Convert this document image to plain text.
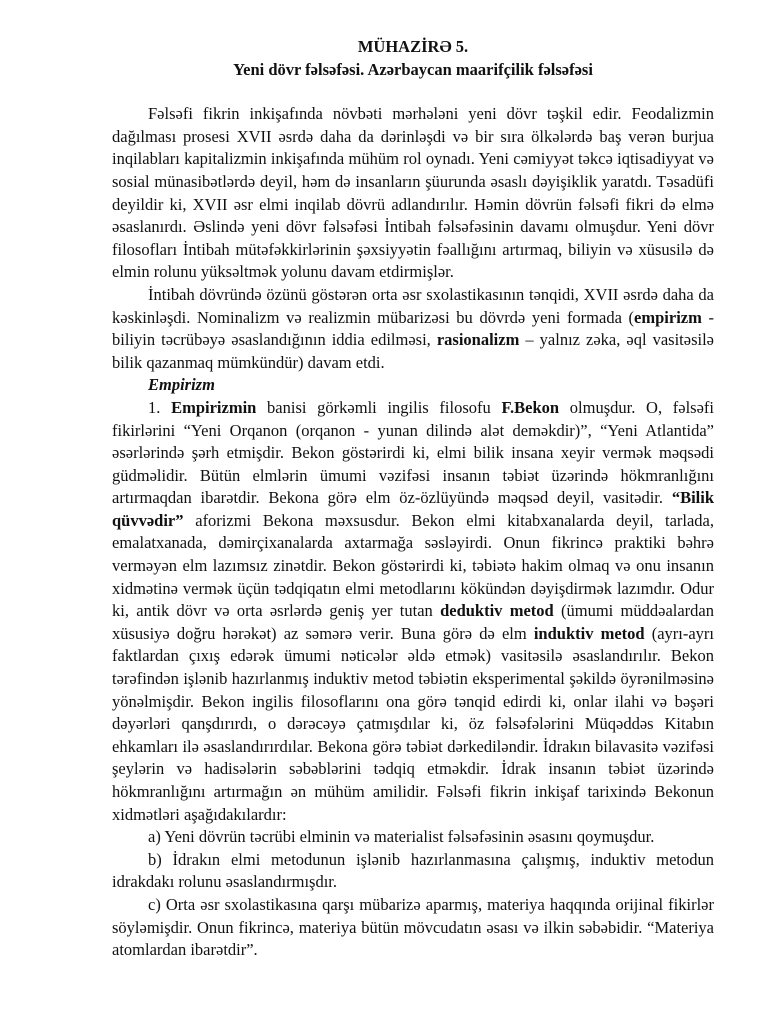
MÜHAZİRƏ 5.
Yeni dövr fəlsəfəsi. Azərbaycan maarifçilik fəlsəfəsi

Fəlsəfi fikrin inkişafında növbəti mərhələni yeni dövr təşkil edir. Feodalizmin dağılması prosesi XVII əsrdə daha da dərinləşdi və bir sıra ölkələrdə baş verən burjua inqilabları kapitalizmin inkişafında mühüm rol oynadı. Yeni cəmiyyət təkcə iqtisadiyyat və sosial münasibətlərdə deyil, həm də insanların şüurunda əsaslı dəyişiklik yaratdı. Təsadüfi deyildir ki, XVII əsr elmi inqilab dövrü adlandırılır. Həmin dövrün fəlsəfi fikri də elmə əsaslanırdı. Əslində yeni dövr fəlsəfəsi İntibah fəlsəfəsinin davamı olmuşdur. Yeni dövr filosofları İntibah mütəfəkkirlərinin şəxsiyyətin fəallığını artırmaq, biliyin və xüsusilə də elmin rolunu yüksəltmək yolunu davam etdirmişlər.

İntibah dövründə özünü göstərən orta əsr sxolastikasının tənqidi, XVII əsrdə daha da kəskinləşdi. Nominalizm və realizmin mübarizəsi bu dövrdə yeni formada (empirizm - biliyin təcrübəyə əsaslandığının iddia edilməsi, rasionalizm – yalnız zəka, əql vasitəsilə bilik qazanmaq mümkündür) davam etdi.

Empirizm

1. Empirizmin banisi görkəmli ingilis filosofu F.Bekon olmuşdur. O, fəlsəfi fikirlərini “Yeni Orqanon (orqanon - yunan dilində alət deməkdir)”, “Yeni Atlantida” əsərlərində şərh etmişdir. Bekon göstərirdi ki, elmi bilik insana xeyir vermək məqsədi güdməlidir. Bütün elmlərin ümumi vəzifəsi insanın təbiət üzərində hökmranlığını artırmaqdan ibarətdir. Bekona görə elm öz-özlüyündə məqsəd deyil, vasitədir. “Bilik qüvvədir” aforizmi Bekona məxsusdur. Bekon elmi kitabxanalarda deyil, tarlada, emalatxanada, dəmirçixanalarda axtarmağa səsləyirdi. Onun fikrincə praktiki bəhrə verməyən elm lazımsız zinətdir. Bekon göstərirdi ki, təbiətə hakim olmaq və onu insanın xidmətinə vermək üçün tədqiqatın elmi metodlarını kökündən dəyişdirmək lazımdır. Odur ki, antik dövr və orta əsrlərdə geniş yer tutan deduktiv metod (ümumi müddəalardan xüsusiyə doğru hərəkət) az səmərə verir. Buna görə də elm induktiv metod (ayrı-ayrı faktlardan çıxış edərək ümumi nəticələr əldə etmək) vasitəsilə əsaslandırılır. Bekon tərəfindən işlənib hazırlanmış induktiv metod təbiətin eksperimental şəkildə öyrənilməsinə yönəlmişdir. Bekon ingilis filosoflarını ona görə tənqid edirdi ki, onlar ilahi və bəşəri dəyərləri qanşdırırdı, o dərəcəyə çatmışdılar ki, öz fəlsəfələrini Müqəddəs Kitabın ehkamları ilə əsaslandırırdılar. Bekona görə təbiət dərkediləndir. İdrakın bilavasitə vəzifəsi şeylərin və hadisələrin səbəblərini tədqiq etməkdir. İdrak insanın təbiət üzərində hökmranlığını artırmağın ən mühüm amilidir. Fəlsəfi fikrin inkişaf tarixində Bekonun xidmətləri aşağıdakılardır:

a) Yeni dövrün təcrübi elminin və materialist fəlsəfəsinin əsasını qoymuşdur.

b) İdrakın elmi metodunun işlənib hazırlanmasına çalışmış, induktiv metodun idrakdakı rolunu əsaslandırmışdır.

c) Orta əsr sxolastikasına qarşı mübarizə aparmış, materiya haqqında orijinal fikirlər söyləmişdir. Onun fikrincə, materiya bütün mövcudatın əsası və ilkin səbəbidir. “Materiya atomlardan ibarətdir”.
